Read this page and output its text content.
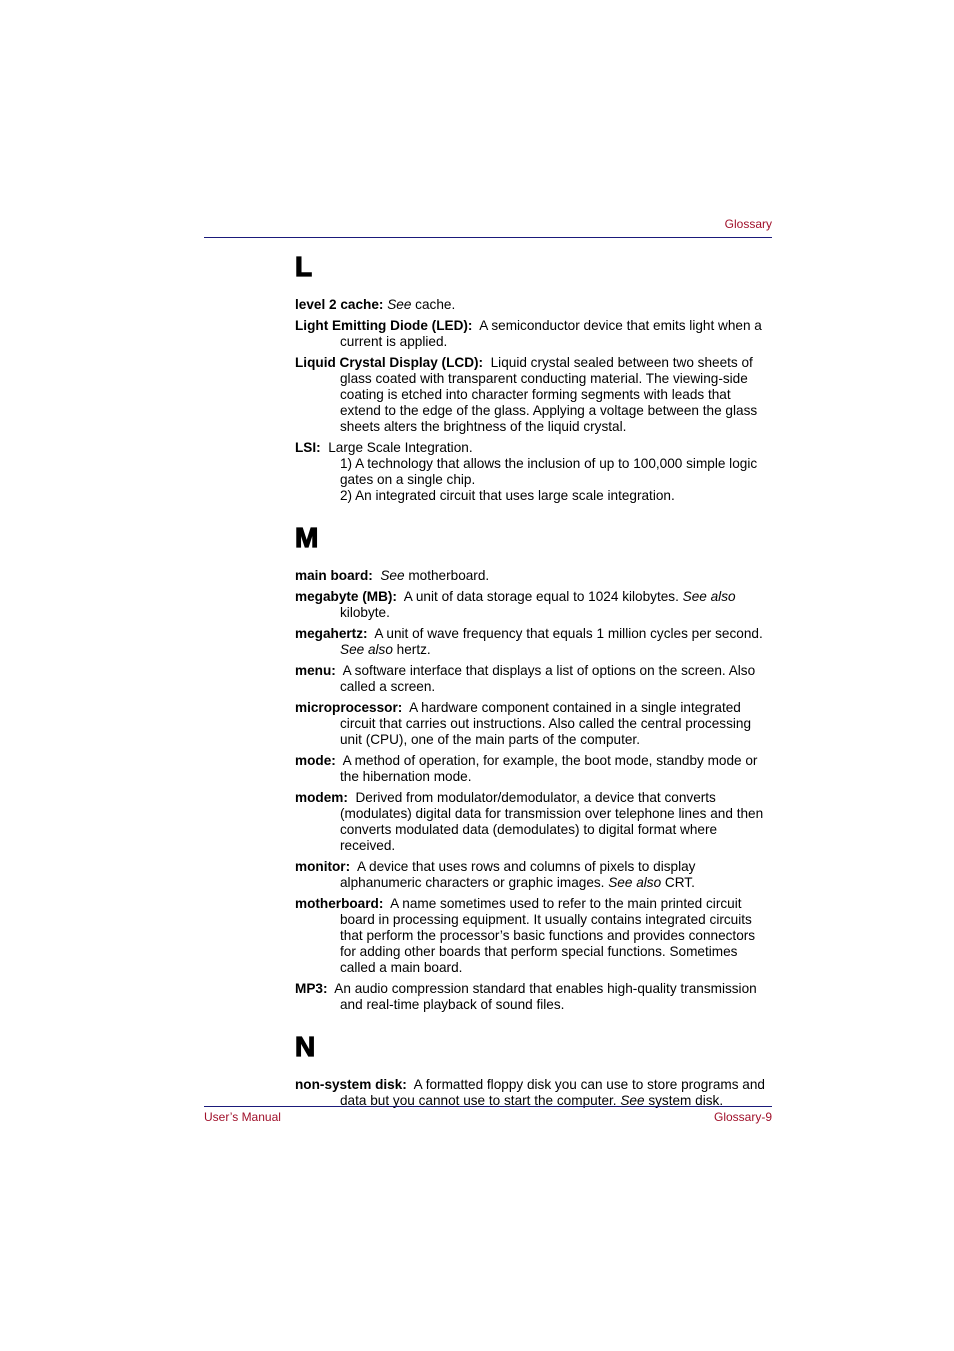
Glossary
L

level 2 cache: See cache.

Light Emitting Diode (LED): A semiconductor device that emits light when a current is applied.

Liquid Crystal Display (LCD): Liquid crystal sealed between two sheets of glass coated with transparent conducting material. The viewing-side coating is etched into character forming segments with leads that extend to the edge of the glass. Applying a voltage between the glass sheets alters the brightness of the liquid crystal.

LSI: Large Scale Integration.

1) A technology that allows the inclusion of up to 100,000 simple logic gates on a single chip.
2) An integrated circuit that uses large scale integration.
M

main board: See motherboard.

megabyte (MB): A unit of data storage equal to 1024 kilobytes. See also kilobyte.

megahertz: A unit of wave frequency that equals 1 million cycles per second. See also hertz.

menu: A software interface that displays a list of options on the screen. Also called a screen.

microprocessor: A hardware component contained in a single integrated circuit that carries out instructions. Also called the central processing unit (CPU), one of the main parts of the computer.

mode: A method of operation, for example, the boot mode, standby mode or the hibernation mode.

modem: Derived from modulator/demodulator, a device that converts (modulates) digital data for transmission over telephone lines and then converts modulated data (demodulates) to digital format where received.

monitor: A device that uses rows and columns of pixels to display alphanumeric characters or graphic images. See also CRT.

motherboard: A name sometimes used to refer to the main printed circuit board in processing equipment. It usually contains integrated circuits that perform the processor’s basic functions and provides connectors for adding other boards that perform special functions. Sometimes called a main board.

MP3: An audio compression standard that enables high-quality transmission and real-time playback of sound files.

N

non-system disk: A formatted floppy disk you can use to store programs and data but you cannot use to start the computer. See system disk.

User’s Manual	Glossary-9
